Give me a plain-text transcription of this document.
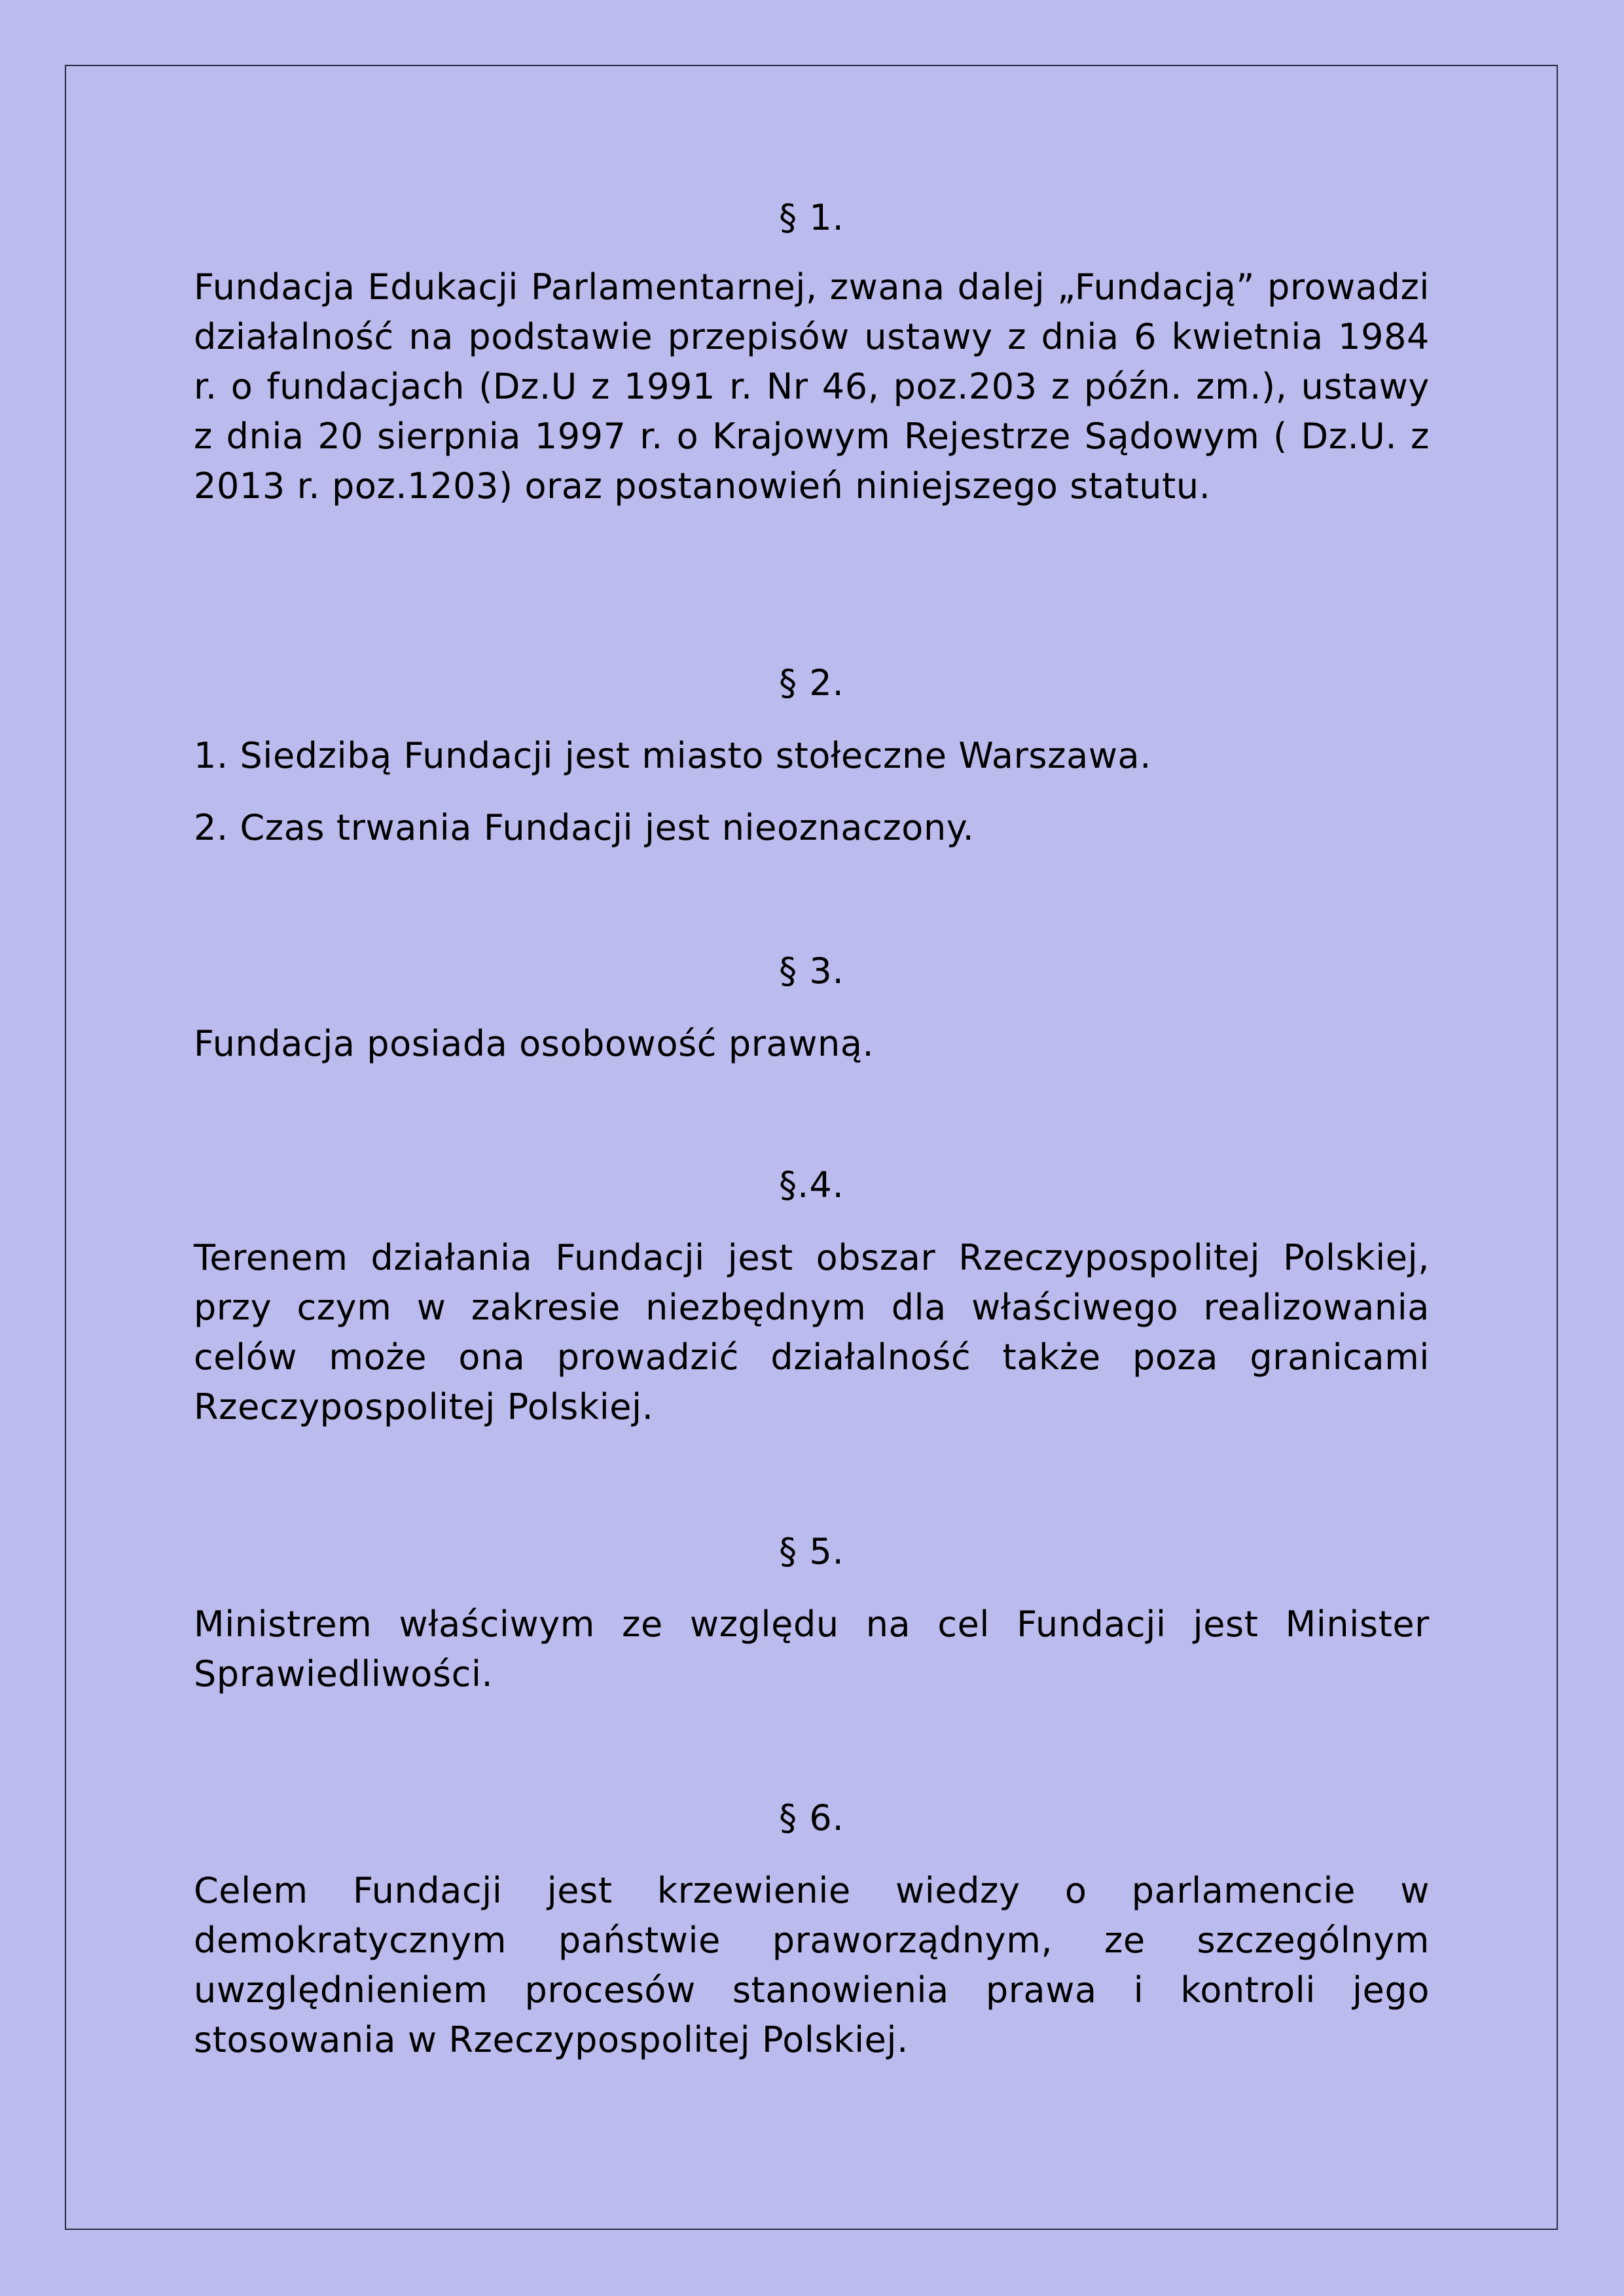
§ 1.

Fundacja Edukacji Parlamentarnej, zwana dalej „Fundacją” prowadzi działalność na podstawie przepisów ustawy z dnia 6 kwietnia 1984 r. o fundacjach (Dz.U z 1991 r. Nr 46, poz.203 z późn. zm.), ustawy z dnia 20 sierpnia 1997 r. o Krajowym Rejestrze Sądowym ( Dz.U. z 2013 r. poz.1203) oraz postanowień niniejszego statutu.

§ 2.

1. Siedzibą Fundacji jest miasto stołeczne Warszawa.

2. Czas trwania Fundacji jest nieoznaczony.

§ 3.

Fundacja posiada osobowość prawną.

§.4.

Terenem działania Fundacji jest obszar Rzeczypospolitej Polskiej, przy czym w zakresie niezbędnym dla właściwego realizowania celów może ona prowadzić działalność także poza granicami Rzeczypospolitej Polskiej.

§ 5.

Ministrem właściwym ze względu na cel Fundacji jest Minister Sprawiedliwości.

§ 6.

Celem Fundacji jest krzewienie wiedzy o parlamencie w demokratycznym państwie praworządnym, ze szczególnym uwzględnieniem procesów stanowienia prawa i kontroli jego stosowania w Rzeczypospolitej Polskiej.
